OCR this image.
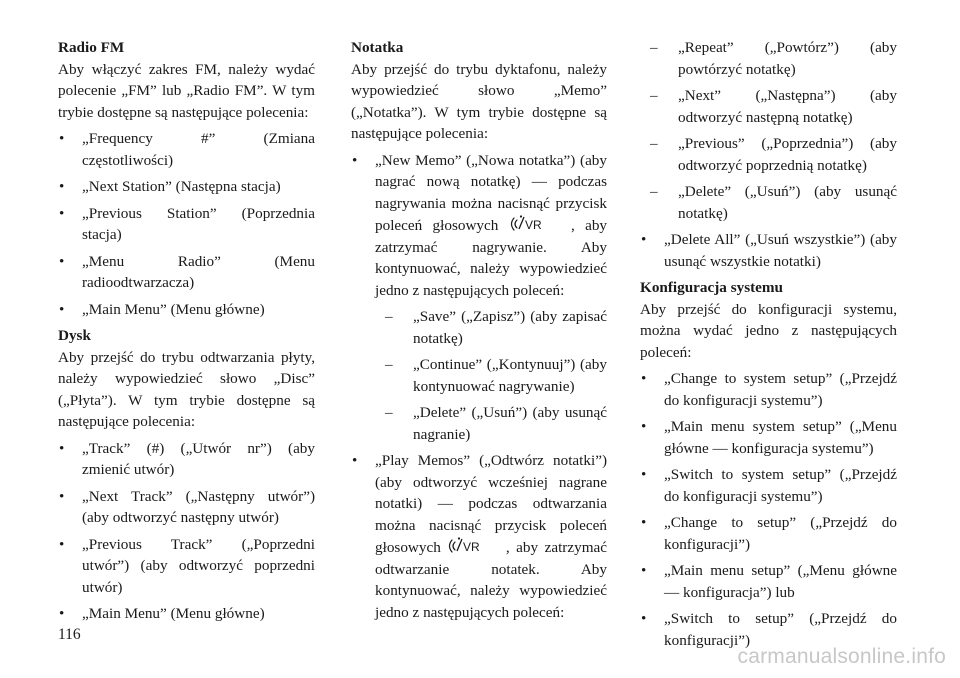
Radio FM

Aby włączyć zakres FM, należy wydać polecenie „FM” lub „Radio FM”. W tym trybie dostępne są następujące polecenia:

• „Frequency #” (Zmiana częstotliwości)
• „Next Station” (Następna stacja)
• „Previous Station” (Poprzednia stacja)
• „Menu Radio” (Menu radioodtwarzacza)
• „Main Menu” (Menu główne)

Dysk

Aby przejść do trybu odtwarzania płyty, należy wypowiedzieć słowo „Disc” („Płyta”). W tym trybie dostępne są następujące polecenia:

• „Track” (#) („Utwór nr”) (aby zmienić utwór)
• „Next Track” („Następny utwór”) (aby odtworzyć następny utwór)
• „Previous Track” („Poprzedni utwór”) (aby odtworzyć poprzedni utwór)
• „Main Menu” (Menu główne)

Notatka

Aby przejść do trybu dyktafonu, należy wypowiedzieć słowo „Memo” („Notatka”). W tym trybie dostępne są następujące polecenia:

• „New Memo” („Nowa notatka”) (aby nagrać nową notatkę) — podczas nagrywania można nacisnąć przycisk poleceń głosowych VR , aby zatrzymać nagrywanie. Aby kontynuować, należy wypowiedzieć jedno z następujących poleceń:
– „Save” („Zapisz”) (aby zapisać notatkę)
– „Continue” („Kontynuuj”) (aby kontynuować nagrywanie)
– „Delete” („Usuń”) (aby usunąć nagranie)
• „Play Memos” („Odtwórz notatki”) (aby odtworzyć wcześniej nagrane notatki) — podczas odtwarzania można nacisnąć przycisk poleceń głosowych VR , aby zatrzymać odtwarzanie notatek. Aby kontynuować, należy wypowiedzieć jedno z następujących poleceń:
– „Repeat” („Powtórz”) (aby powtórzyć notatkę)
– „Next” („Następna”) (aby odtworzyć następną notatkę)
– „Previous” („Poprzednia”) (aby odtworzyć poprzednią notatkę)
– „Delete” („Usuń”) (aby usunąć notatkę)
• „Delete All” („Usuń wszystkie”) (aby usunąć wszystkie notatki)

Konfiguracja systemu

Aby przejść do konfiguracji systemu, można wydać jedno z następujących poleceń:

• „Change to system setup” („Przejdź do konfiguracji systemu”)
• „Main menu system setup” („Menu główne — konfiguracja systemu”)
• „Switch to system setup” („Przejdź do konfiguracji systemu”)
• „Change to setup” („Przejdź do konfiguracji”)
• „Main menu setup” („Menu główne — konfiguracja”) lub
• „Switch to setup” („Przejdź do konfiguracji”)

116

carmanualsonline.info
